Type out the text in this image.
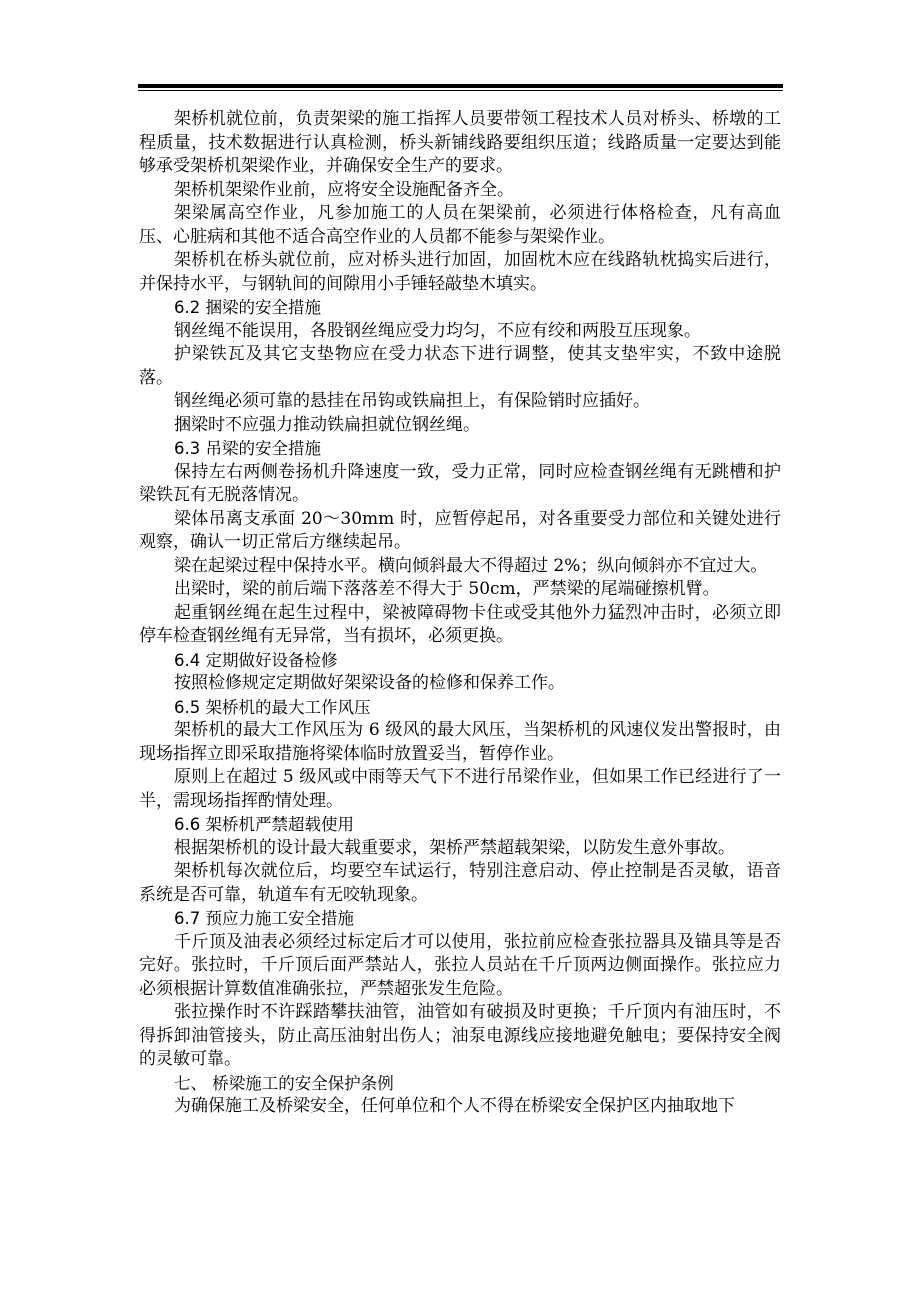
架桥机就位前，负责架梁的施工指挥人员要带领工程技术人员对桥头、桥墩的工程质量，技术数据进行认真检测，桥头新铺线路要组织压道；线路质量一定要达到能够承受架桥机架梁作业，并确保安全生产的要求。

架桥机架梁作业前，应将安全设施配备齐全。

架梁属高空作业，凡参加施工的人员在架梁前，必须进行体格检查，凡有高血压、心脏病和其他不适合高空作业的人员都不能参与架梁作业。

架桥机在桥头就位前，应对桥头进行加固，加固枕木应在线路轨枕捣实后进行，并保持水平，与钢轨间的间隙用小手锤轻敲垫木填实。

6.2 捆梁的安全措施

钢丝绳不能误用，各股钢丝绳应受力均匀，不应有绞和两股互压现象。

护梁铁瓦及其它支垫物应在受力状态下进行调整，使其支垫牢实，不致中途脱落。

钢丝绳必须可靠的悬挂在吊钩或铁扁担上，有保险销时应插好。

捆梁时不应强力推动铁扁担就位钢丝绳。

6.3 吊梁的安全措施

保持左右两侧卷扬机升降速度一致，受力正常，同时应检查钢丝绳有无跳槽和护梁铁瓦有无脱落情况。

梁体吊离支承面 20～30mm 时，应暂停起吊，对各重要受力部位和关键处进行观察，确认一切正常后方继续起吊。

梁在起梁过程中保持水平。横向倾斜最大不得超过 2%；纵向倾斜亦不宜过大。

出梁时，梁的前后端下落落差不得大于 50cm，严禁梁的尾端碰擦机臂。

起重钢丝绳在起生过程中，梁被障碍物卡住或受其他外力猛烈冲击时，必须立即停车检查钢丝绳有无异常，当有损坏，必须更换。

6.4 定期做好设备检修

按照检修规定定期做好架梁设备的检修和保养工作。

6.5 架桥机的最大工作风压

架桥机的最大工作风压为 6 级风的最大风压，当架桥机的风速仪发出警报时，由现场指挥立即采取措施将梁体临时放置妥当，暂停作业。

原则上在超过 5 级风或中雨等天气下不进行吊梁作业，但如果工作已经进行了一半，需现场指挥酌情处理。

6.6 架桥机严禁超载使用

根据架桥机的设计最大载重要求，架桥严禁超载架梁，以防发生意外事故。

架桥机每次就位后，均要空车试运行，特别注意启动、停止控制是否灵敏，语音系统是否可靠，轨道车有无咬轨现象。

6.7 预应力施工安全措施

千斤顶及油表必须经过标定后才可以使用，张拉前应检查张拉器具及锚具等是否完好。张拉时，千斤顶后面严禁站人，张拉人员站在千斤顶两边侧面操作。张拉应力必须根据计算数值准确张拉，严禁超张发生危险。

张拉操作时不许踩踏攀扶油管，油管如有破损及时更换；千斤顶内有油压时，不得拆卸油管接头，防止高压油射出伤人；油泵电源线应接地避免触电；要保持安全阀的灵敏可靠。

七、 桥梁施工的安全保护条例

为确保施工及桥梁安全，任何单位和个人不得在桥梁安全保护区内抽取地下
